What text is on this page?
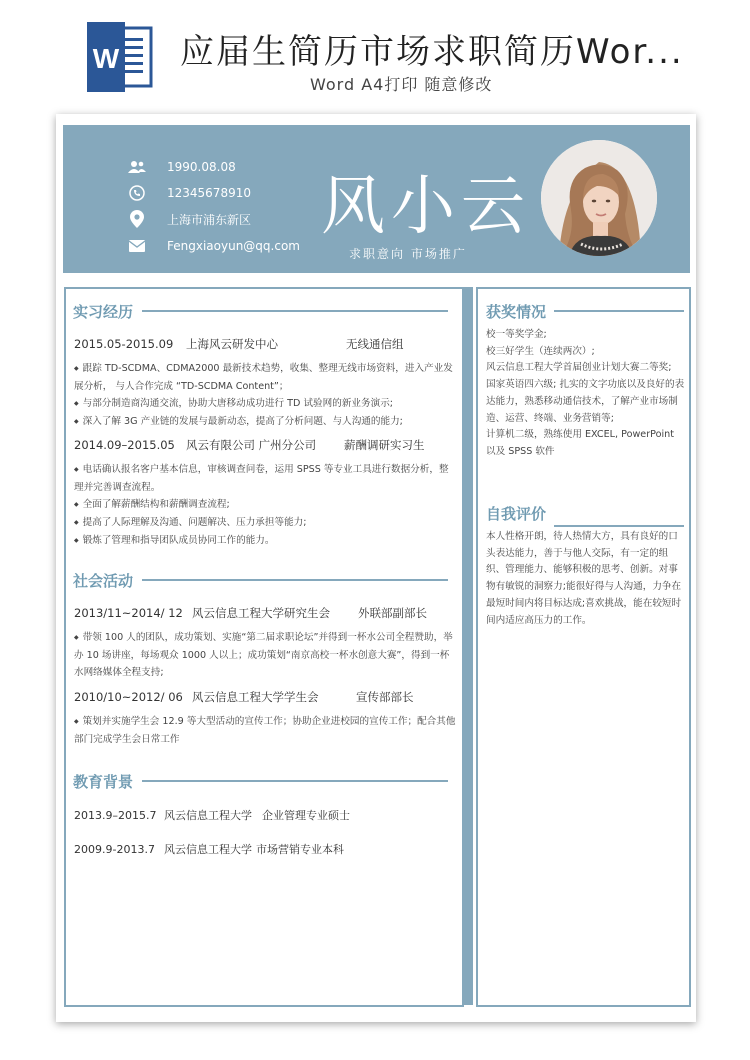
W 应届生简历市场求职简历Wor...
Word A4打印 随意修改
1990.08.08
12345678910
上海市浦东新区
Fengxiaoyun@qq.com
风小云
求职意向 市场推广
实习经历
2015.05-2015.09 上海风云研发中心	无线通信组

◆ 跟踪 TD-SCDMA、CDMA2000 最新技术趋势，收集、整理无线市场资料，进入产业发展分析， 与人合作完成 “TD-SCDMA Content”；

◆ 与部分制造商沟通交流，协助大唐移动成功进行 TD 试验网的新业务演示;

◆ 深入了解 3G 产业链的发展与最新动态，提高了分析问题、与人沟通的能力;

2014.09–2015.05 风云有限公司 广州分公司 薪酬调研实习生

◆ 电话确认报名客户基本信息，审核调查问卷，运用 SPSS 等专业工具进行数据分析，整理并完善调查流程。

◆ 全面了解薪酬结构和薪酬调查流程;

◆ 提高了人际理解及沟通、问题解决、压力承担等能力;

◆ 锻炼了管理和指导团队成员协同工作的能力。

社会活动
2013/11~2014/ 12 风云信息工程大学研究生会 外联部副部长

◆ 带领 100 人的团队，成功策划、实施“第二届求职论坛”并得到一杯水公司全程赞助，举办 10 场讲座，每场观众 1000 人以上；成功策划“南京高校一杯水创意大赛”，得到一杯水网络媒体全程支持;

2010/10~2012/ 06 风云信息工程大学学生会	宣传部部长

◆ 策划并实施学生会 12.9 等大型活动的宣传工作；协助企业进校园的宣传工作；配合其他部门完成学生会日常工作

教育背景
2013.9–2015.7 风云信息工程大学 企业管理专业硕士
2009.9-2013.7 风云信息工程大学 市场营销专业本科
获奖情况

校一等奖学金;

校三好学生（连续两次）;

风云信息工程大学首届创业计划大赛二等奖;

国家英语四六级; 扎实的文字功底以及良好的表达能力，熟悉移动通信技术，了解产业市场制造、运营、终端、业务营销等;

计算机二级，熟练使用 EXCEL, PowerPoint 以及 SPSS 软件

自我评价
本人性格开朗，待人热情大方，具有良好的口头表达能力，善于与他人交际，有一定的组织、管理能力、能够积极的思考、创新。对事物有敏锐的洞察力;能很好得与人沟通，力争在最短时间内将目标达成;喜欢挑战，能在较短时间内适应高压力的工作。
